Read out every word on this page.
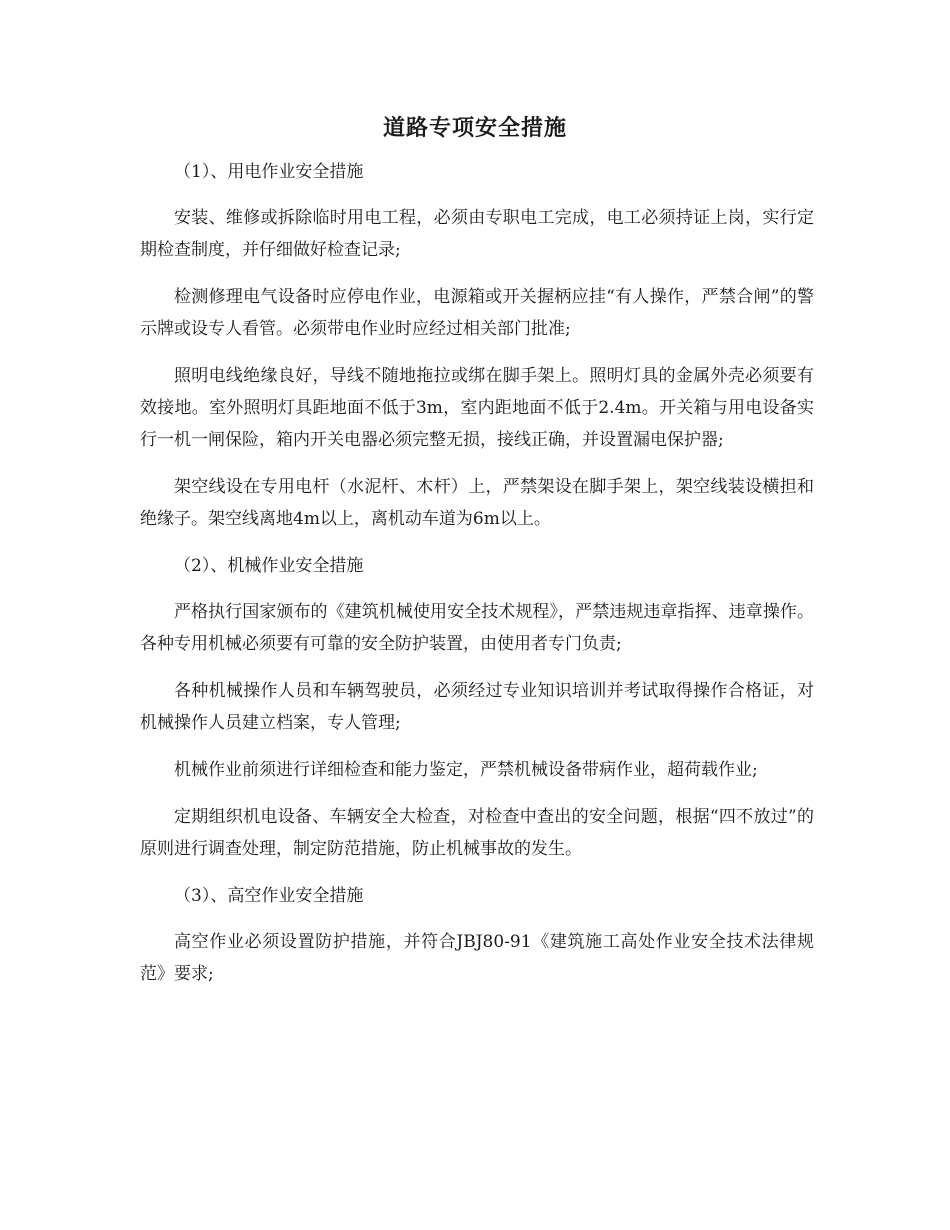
道路专项安全措施

（1）、用电作业安全措施

安装、维修或拆除临时用电工程，必须由专职电工完成，电工必须持证上岗，实行定期检查制度，并仔细做好检查记录;

检测修理电气设备时应停电作业，电源箱或开关握柄应挂“有人操作，严禁合闸”的警示牌或设专人看管。必须带电作业时应经过相关部门批准;

照明电线绝缘良好，导线不随地拖拉或绑在脚手架上。照明灯具的金属外壳必须要有效接地。室外照明灯具距地面不低于3m，室内距地面不低于2.4m。开关箱与用电设备实行一机一闸保险，箱内开关电器必须完整无损，接线正确，并设置漏电保护器;

架空线设在专用电杆（水泥杆、木杆）上，严禁架设在脚手架上，架空线装设横担和绝缘子。架空线离地4m以上，离机动车道为6m以上。

（2）、机械作业安全措施

严格执行国家颁布的《建筑机械使用安全技术规程》，严禁违规违章指挥、违章操作。各种专用机械必须要有可靠的安全防护装置，由使用者专门负责;

各种机械操作人员和车辆驾驶员，必须经过专业知识培训并考试取得操作合格证，对机械操作人员建立档案，专人管理;

机械作业前须进行详细检查和能力鉴定，严禁机械设备带病作业，超荷载作业;

定期组织机电设备、车辆安全大检查，对检查中查出的安全问题，根据“四不放过”的原则进行调查处理，制定防范措施，防止机械事故的发生。

（3）、高空作业安全措施

高空作业必须设置防护措施，并符合JBJ80-91《建筑施工高处作业安全技术法律规范》要求;
